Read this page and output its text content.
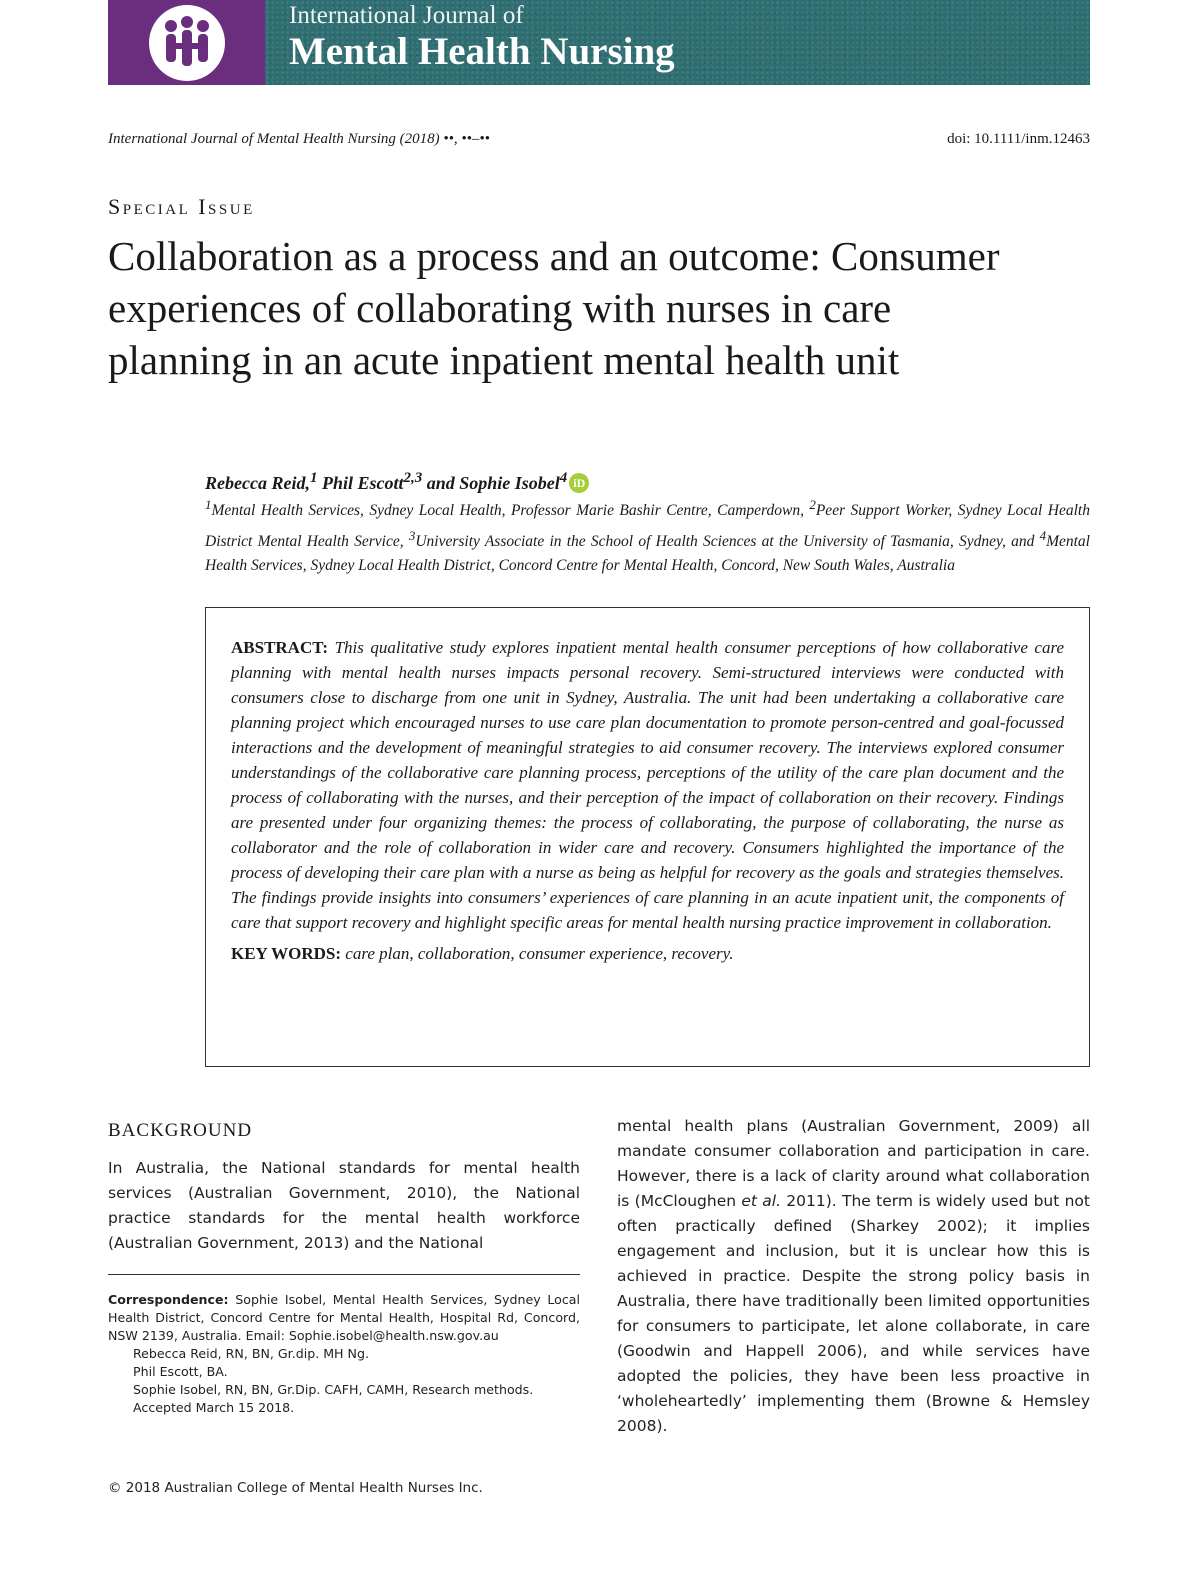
International Journal of
Mental Health Nursing
International Journal of Mental Health Nursing (2018) ••, ••–••	doi: 10.1111/inm.12463
Special Issue
Collaboration as a process and an outcome: Consumer experiences of collaborating with nurses in care planning in an acute inpatient mental health unit
Rebecca Reid,$^1$ Phil Escott$^{2,3}$ and Sophie Isobel$^4$ iD
$^1$Mental Health Services, Sydney Local Health, Professor Marie Bashir Centre, Camperdown, $^2$Peer Support Worker, Sydney Local Health District Mental Health Service, $^3$University Associate in the School of Health Sciences at the University of Tasmania, Sydney, and $^4$Mental Health Services, Sydney Local Health District, Concord Centre for Mental Health, Concord, New South Wales, Australia

ABSTRACT: This qualitative study explores inpatient mental health consumer perceptions of how collaborative care planning with mental health nurses impacts personal recovery. Semi-structured interviews were conducted with consumers close to discharge from one unit in Sydney, Australia. The unit had been undertaking a collaborative care planning project which encouraged nurses to use care plan documentation to promote person-centred and goal-focussed interactions and the development of meaningful strategies to aid consumer recovery. The interviews explored consumer understandings of the collaborative care planning process, perceptions of the utility of the care plan document and the process of collaborating with the nurses, and their perception of the impact of collaboration on their recovery. Findings are presented under four organizing themes: the process of collaborating, the purpose of collaborating, the nurse as collaborator and the role of collaboration in wider care and recovery. Consumers highlighted the importance of the process of developing their care plan with a nurse as being as helpful for recovery as the goals and strategies themselves. The findings provide insights into consumers’ experiences of care planning in an acute inpatient unit, the components of care that support recovery and highlight specific areas for mental health nursing practice improvement in collaboration.

KEY WORDS: care plan, collaboration, consumer experience, recovery.
BACKGROUND

In Australia, the National standards for mental health services (Australian Government, 2010), the National practice standards for the mental health workforce (Australian Government, 2013) and the National

Correspondence: Sophie Isobel, Mental Health Services, Sydney Local Health District, Concord Centre for Mental Health, Hospital Rd, Concord, NSW 2139, Australia. Email: Sophie.isobel@health.nsw.gov.au
Rebecca Reid, RN, BN, Gr.dip. MH Ng.
Phil Escott, BA.
Sophie Isobel, RN, BN, Gr.Dip. CAFH, CAMH, Research methods.
Accepted March 15 2018.

mental health plans (Australian Government, 2009) all mandate consumer collaboration and participation in care. However, there is a lack of clarity around what collaboration is (McCloughen et al. 2011). The term is widely used but not often practically defined (Sharkey 2002); it implies engagement and inclusion, but it is unclear how this is achieved in practice. Despite the strong policy basis in Australia, there have traditionally been limited opportunities for consumers to participate, let alone collaborate, in care (Goodwin and Happell 2006), and while services have adopted the policies, they have been less proactive in ‘wholeheartedly’ implementing them (Browne & Hemsley 2008).

© 2018 Australian College of Mental Health Nurses Inc.
